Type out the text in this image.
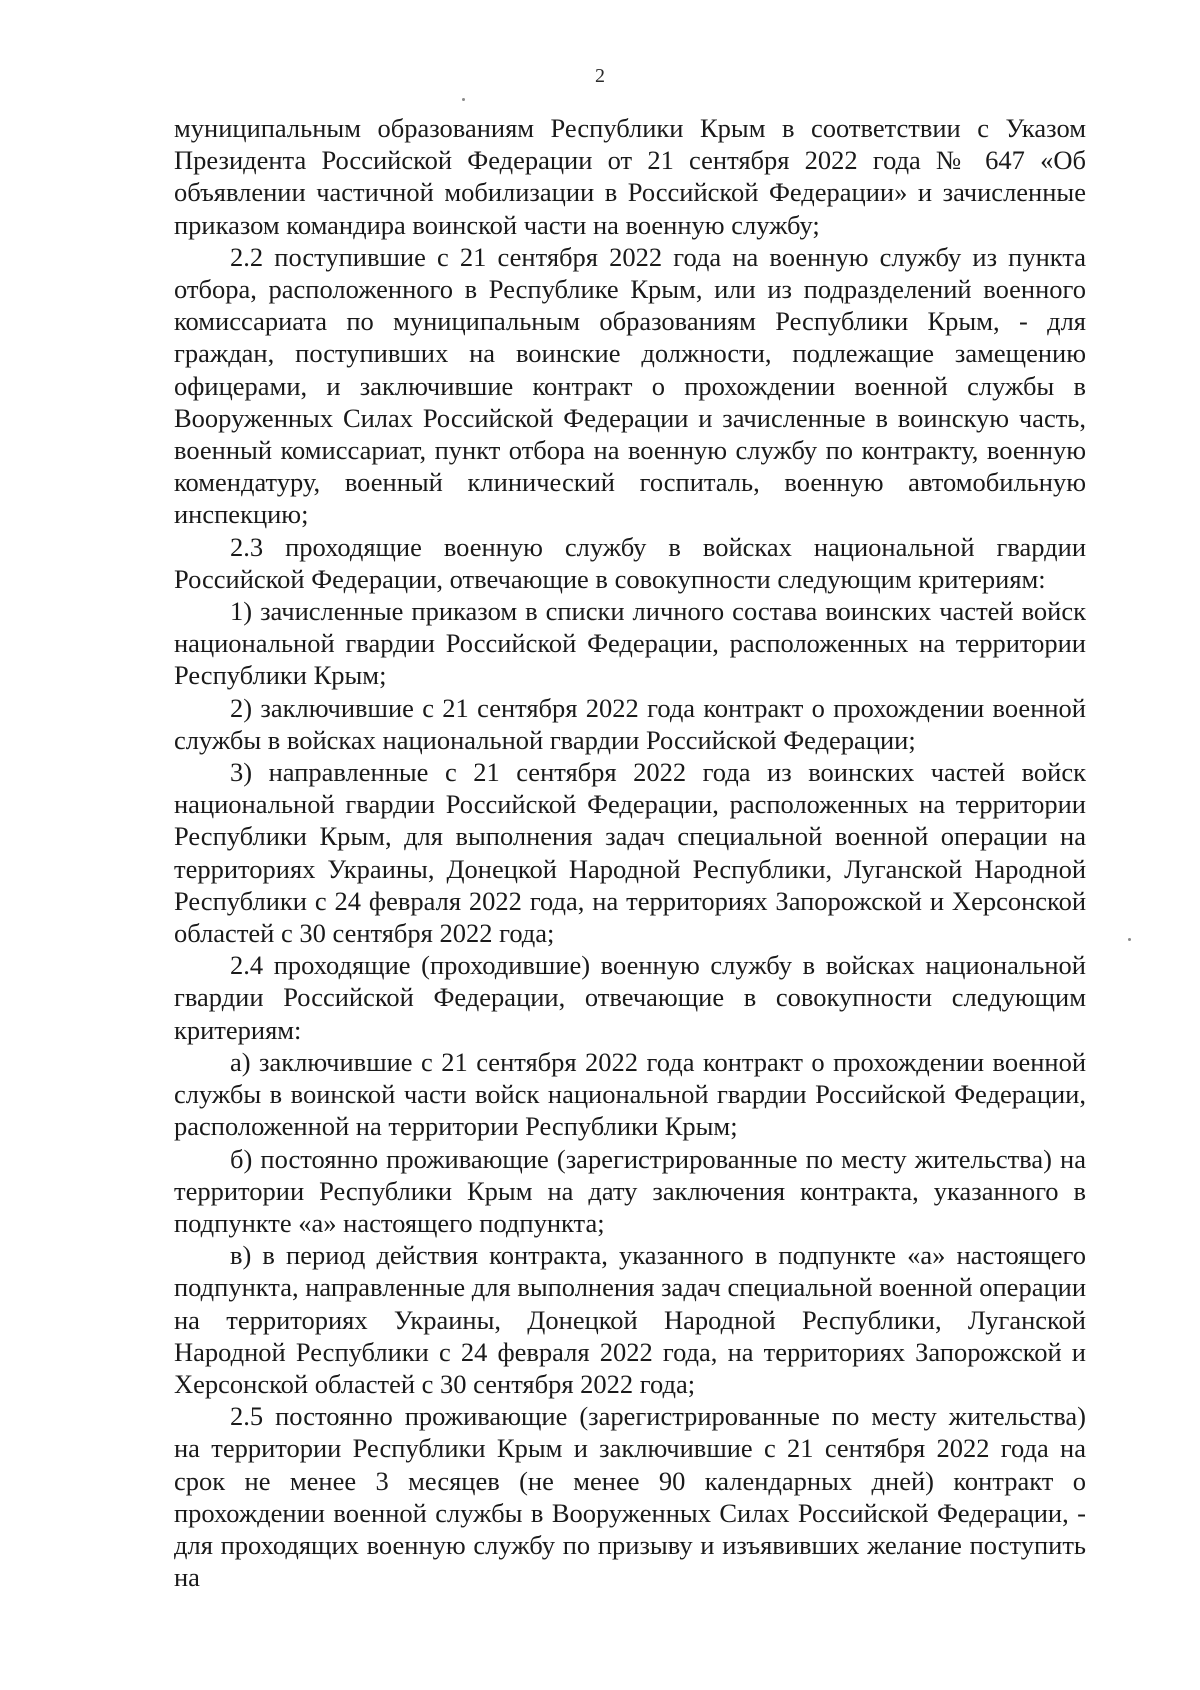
2

муниципальным образованиям Республики Крым в соответствии с Указом Президента Российской Федерации от 21 сентября 2022 года № 647 «Об объявлении частичной мобилизации в Российской Федерации» и зачисленные приказом командира воинской части на военную службу;

2.2 поступившие с 21 сентября 2022 года на военную службу из пункта отбора, расположенного в Республике Крым, или из подразделений военного комиссариата по муниципальным образованиям Республики Крым, - для граждан, поступивших на воинские должности, подлежащие замещению офицерами, и заключившие контракт о прохождении военной службы в Вооруженных Силах Российской Федерации и зачисленные в воинскую часть, военный комиссариат, пункт отбора на военную службу по контракту, военную комендатуру, военный клинический госпиталь, военную автомобильную инспекцию;

2.3 проходящие военную службу в войсках национальной гвардии Российской Федерации, отвечающие в совокупности следующим критериям:

1) зачисленные приказом в списки личного состава воинских частей войск национальной гвардии Российской Федерации, расположенных на территории Республики Крым;

2) заключившие с 21 сентября 2022 года контракт о прохождении военной службы в войсках национальной гвардии Российской Федерации;

3) направленные с 21 сентября 2022 года из воинских частей войск национальной гвардии Российской Федерации, расположенных на территории Республики Крым, для выполнения задач специальной военной операции на территориях Украины, Донецкой Народной Республики, Луганской Народной Республики с 24 февраля 2022 года, на территориях Запорожской и Херсонской областей с 30 сентября 2022 года;

2.4 проходящие (проходившие) военную службу в войсках национальной гвардии Российской Федерации, отвечающие в совокупности следующим критериям:

а) заключившие с 21 сентября 2022 года контракт о прохождении военной службы в воинской части войск национальной гвардии Российской Федерации, расположенной на территории Республики Крым;

б) постоянно проживающие (зарегистрированные по месту жительства) на территории Республики Крым на дату заключения контракта, указанного в подпункте «а» настоящего подпункта;

в) в период действия контракта, указанного в подпункте «а» настоящего подпункта, направленные для выполнения задач специальной военной операции на территориях Украины, Донецкой Народной Республики, Луганской Народной Республики с 24 февраля 2022 года, на территориях Запорожской и Херсонской областей с 30 сентября 2022 года;

2.5 постоянно проживающие (зарегистрированные по месту жительства) на территории Республики Крым и заключившие с 21 сентября 2022 года на срок не менее 3 месяцев (не менее 90 календарных дней) контракт о прохождении военной службы в Вооруженных Силах Российской Федерации, - для проходящих военную службу по призыву и изъявивших желание поступить на
